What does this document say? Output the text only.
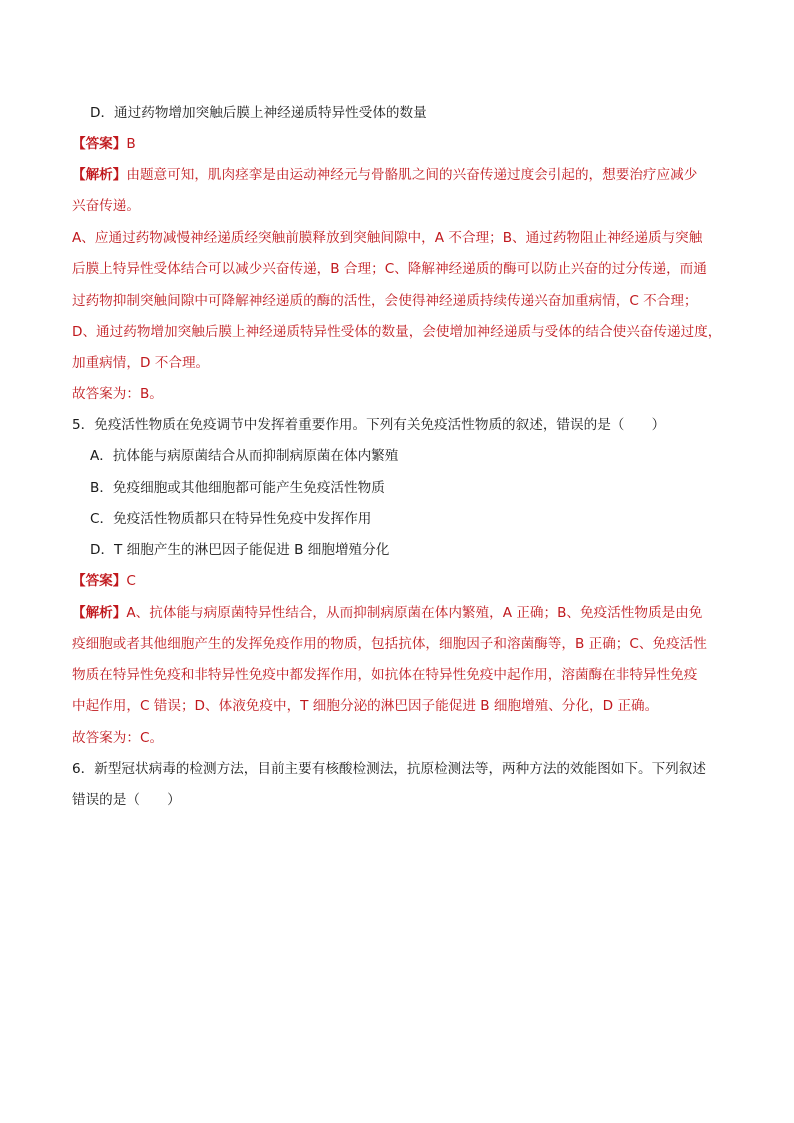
D．通过药物增加突触后膜上神经递质特异性受体的数量
【答案】B
【解析】由题意可知，肌肉痉挛是由运动神经元与骨骼肌之间的兴奋传递过度会引起的，想要治疗应减少
兴奋传递。
A、应通过药物减慢神经递质经突触前膜释放到突触间隙中，A 不合理；B、通过药物阻止神经递质与突触
后膜上特异性受体结合可以减少兴奋传递，B 合理；C、降解神经递质的酶可以防止兴奋的过分传递，而通
过药物抑制突触间隙中可降解神经递质的酶的活性，会使得神经递质持续传递兴奋加重病情，C 不合理；
D、通过药物增加突触后膜上神经递质特异性受体的数量，会使增加神经递质与受体的结合使兴奋传递过度，
加重病情，D 不合理。
故答案为：B。
5．免疫活性物质在免疫调节中发挥着重要作用。下列有关免疫活性物质的叙述，错误的是（　　）
A．抗体能与病原菌结合从而抑制病原菌在体内繁殖
B．免疫细胞或其他细胞都可能产生免疫活性物质
C．免疫活性物质都只在特异性免疫中发挥作用
D．T 细胞产生的淋巴因子能促进 B 细胞增殖分化
【答案】C
【解析】A、抗体能与病原菌特异性结合，从而抑制病原菌在体内繁殖，A 正确；B、免疫活性物质是由免
疫细胞或者其他细胞产生的发挥免疫作用的物质，包括抗体，细胞因子和溶菌酶等，B 正确；C、免疫活性
物质在特异性免疫和非特异性免疫中都发挥作用，如抗体在特异性免疫中起作用，溶菌酶在非特异性免疫
中起作用，C 错误；D、体液免疫中，T 细胞分泌的淋巴因子能促进 B 细胞增殖、分化，D 正确。
故答案为：C。
6．新型冠状病毒的检测方法，目前主要有核酸检测法，抗原检测法等，两种方法的效能图如下。下列叙述
错误的是（　　）
